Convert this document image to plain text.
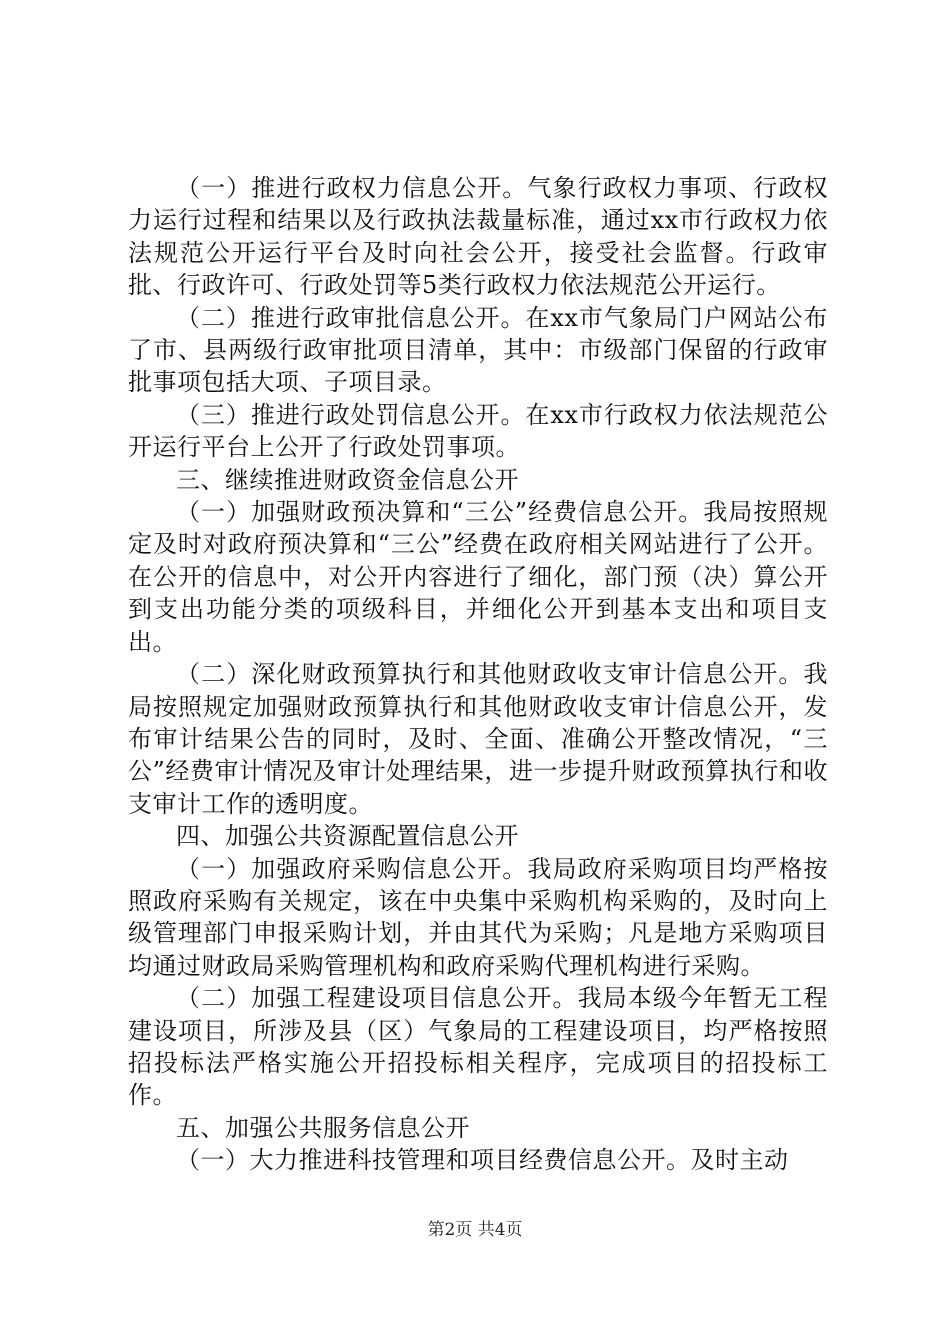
（一）推进行政权力信息公开。气象行政权力事项、行政权力运行过程和结果以及行政执法裁量标准，通过xx市行政权力依法规范公开运行平台及时向社会公开，接受社会监督。行政审批、行政许可、行政处罚等5类行政权力依法规范公开运行。

（二）推进行政审批信息公开。在xx市气象局门户网站公布了市、县两级行政审批项目清单，其中：市级部门保留的行政审批事项包括大项、子项目录。

（三）推进行政处罚信息公开。在xx市行政权力依法规范公开运行平台上公开了行政处罚事项。

三、继续推进财政资金信息公开

（一）加强财政预决算和“三公”经费信息公开。我局按照规定及时对政府预决算和“三公”经费在政府相关网站进行了公开。在公开的信息中，对公开内容进行了细化，部门预（决）算公开到支出功能分类的项级科目，并细化公开到基本支出和项目支出。

（二）深化财政预算执行和其他财政收支审计信息公开。我局按照规定加强财政预算执行和其他财政收支审计信息公开，发布审计结果公告的同时，及时、全面、准确公开整改情况，“三公”经费审计情况及审计处理结果，进一步提升财政预算执行和收支审计工作的透明度。

四、加强公共资源配置信息公开

（一）加强政府采购信息公开。我局政府采购项目均严格按照政府采购有关规定，该在中央集中采购机构采购的，及时向上级管理部门申报采购计划，并由其代为采购；凡是地方采购项目均通过财政局采购管理机构和政府采购代理机构进行采购。

（二）加强工程建设项目信息公开。我局本级今年暂无工程建设项目，所涉及县（区）气象局的工程建设项目，均严格按照招投标法严格实施公开招投标相关程序，完成项目的招投标工作。

五、加强公共服务信息公开

（一）大力推进科技管理和项目经费信息公开。及时主动

第2页 共4页
